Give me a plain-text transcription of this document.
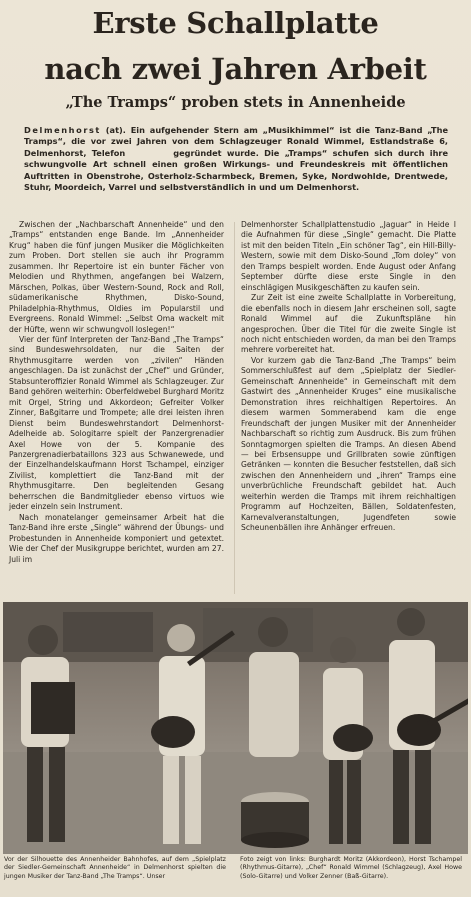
Erste Schallplatte
nach zwei Jahren Arbeit
„The Tramps“ proben stets in Annenheide
Delmenhorst (at). Ein aufgehender Stern am „Musikhimmel“ ist die Tanz-Band „The Tramps“, die vor zwei Jahren von dem Schlagzeuger Ronald Wimmel, Estlandstraße 6, Delmenhorst, Telefon	gegründet wurde. Die „Tramps“ schufen sich durch ihre schwungvolle Art schnell einen großen Wirkungs- und Freundeskreis mit öffentlichen Auftritten in Obenstrohe, Osterholz-Scharmbeck, Bremen, Syke, Nordwohlde, Drentwede, Stuhr, Moordeich, Varrel und selbstverständlich in und um Delmenhorst.

Zwischen der „Nachbarschaft Annenheide“ und den „Tramps“ entstanden enge Bande. Im „Annenheider Krug“ haben die fünf jungen Musiker die Möglichkeiten zum Proben. Dort stellen sie auch ihr Programm zusammen. Ihr Repertoire ist ein bunter Fächer von Melodien und Rhythmen, angefangen bei Walzern, Märschen, Polkas, über Western-Sound, Rock and Roll, südamerikanische Rhythmen, Disko-Sound, Philadelphia-Rhythmus, Oldies im Popularstil und Evergreens. Ronald Wimmel: „Selbst Oma wackelt mit der Hüfte, wenn wir schwungvoll loslegen!“

Vier der fünf Interpreten der Tanz-Band „The Tramps“ sind Bundeswehrsoldaten, nur die Saiten der Rhythmusgitarre werden von „zivilen“ Händen angeschlagen. Da ist zunächst der „Chef“ und Gründer, Stabsunteroffizier Ronald Wimmel als Schlagzeuger. Zur Band gehören weiterhin: Oberfeldwebel Burghard Moritz mit Orgel, String und Akkordeon; Gefreiter Volker Zinner, Baßgitarre und Trompete; alle drei leisten ihren Dienst beim Bundeswehrstandort Delmenhorst-Adelheide ab. Sologitarre spielt der Panzergrenadier Axel Howe von der 5. Kompanie des Panzergrenadierbataillons 323 aus Schwanewede, und der Einzelhandelskaufmann Horst Tschampel, einziger Zivilist, komplettiert die Tanz-Band mit der Rhythmusgitarre. Den begleitenden Gesang beherrschen die Bandmitglieder ebenso virtuos wie jeder einzeln sein Instrument.

Nach monatelanger gemeinsamer Arbeit hat die Tanz-Band ihre erste „Single“ während der Übungs- und Probestunden in Annenheide komponiert und getextet. Wie der Chef der Musikgruppe berichtet, wurden am 27. Juli im

Delmenhorster Schallplattenstudio „Jaguar“ in Heide I die Aufnahmen für diese „Single“ gemacht. Die Platte ist mit den beiden Titeln „Ein schöner Tag“, ein Hill-Billy-Western, sowie mit dem Disko-Sound „Tom doley“ von den Tramps bespielt worden. Ende August oder Anfang September dürfte diese erste Single in den einschlägigen Musikgeschäften zu kaufen sein.

Zur Zeit ist eine zweite Schallplatte in Vorbereitung, die ebenfalls noch in diesem Jahr erscheinen soll, sagte Ronald Wimmel auf die Zukunftspläne hin angesprochen. Über die Titel für die zweite Single ist noch nicht entschieden worden, da man bei den Tramps mehrere vorbereitet hat.

Vor kurzem gab die Tanz-Band „The Tramps“ beim Sommerschlußfest auf dem „Spielplatz der Siedler-Gemeinschaft Annenheide“ in Gemeinschaft mit dem Gastwirt des „Annenheider Kruges“ eine musikalische Demonstration ihres reichhaltigen Repertoires. An diesem warmen Sommerabend kam die enge Freundschaft der jungen Musiker mit der Annenheider Nachbarschaft so richtig zum Ausdruck. Bis zum frühen Sonntagmorgen spielten die Tramps. An diesen Abend — bei Erbsensuppe und Grillbraten sowie zünftigen Getränken — konnten die Besucher feststellen, daß sich zwischen den Annenheidern und „ihren“ Tramps eine unverbrüchliche Freundschaft gebildet hat. Auch weiterhin werden die Tramps mit ihrem reichhaltigen Programm auf Hochzeiten, Bällen, Soldatenfesten, Karnevalveranstaltungen, Jugendfeten sowie Scheunenbällen ihre Anhänger erfreuen.

Vor der Silhouette des Annenheider Bahnhofes, auf dem „Spielplatz der Siedler-Gemeinschaft Annenheide“ in Delmenhorst spielten die jungen Musiker der Tanz-Band „The Tramps“. Unser
Foto zeigt von links: Burghardt Moritz (Akkordeon), Horst Tschampel (Rhythmus-Gitarre), „Chef“ Ronald Wimmel (Schlagzeug), Axel Howe (Solo-Gitarre) und Volker Zenner (Baß-Gitarre).
